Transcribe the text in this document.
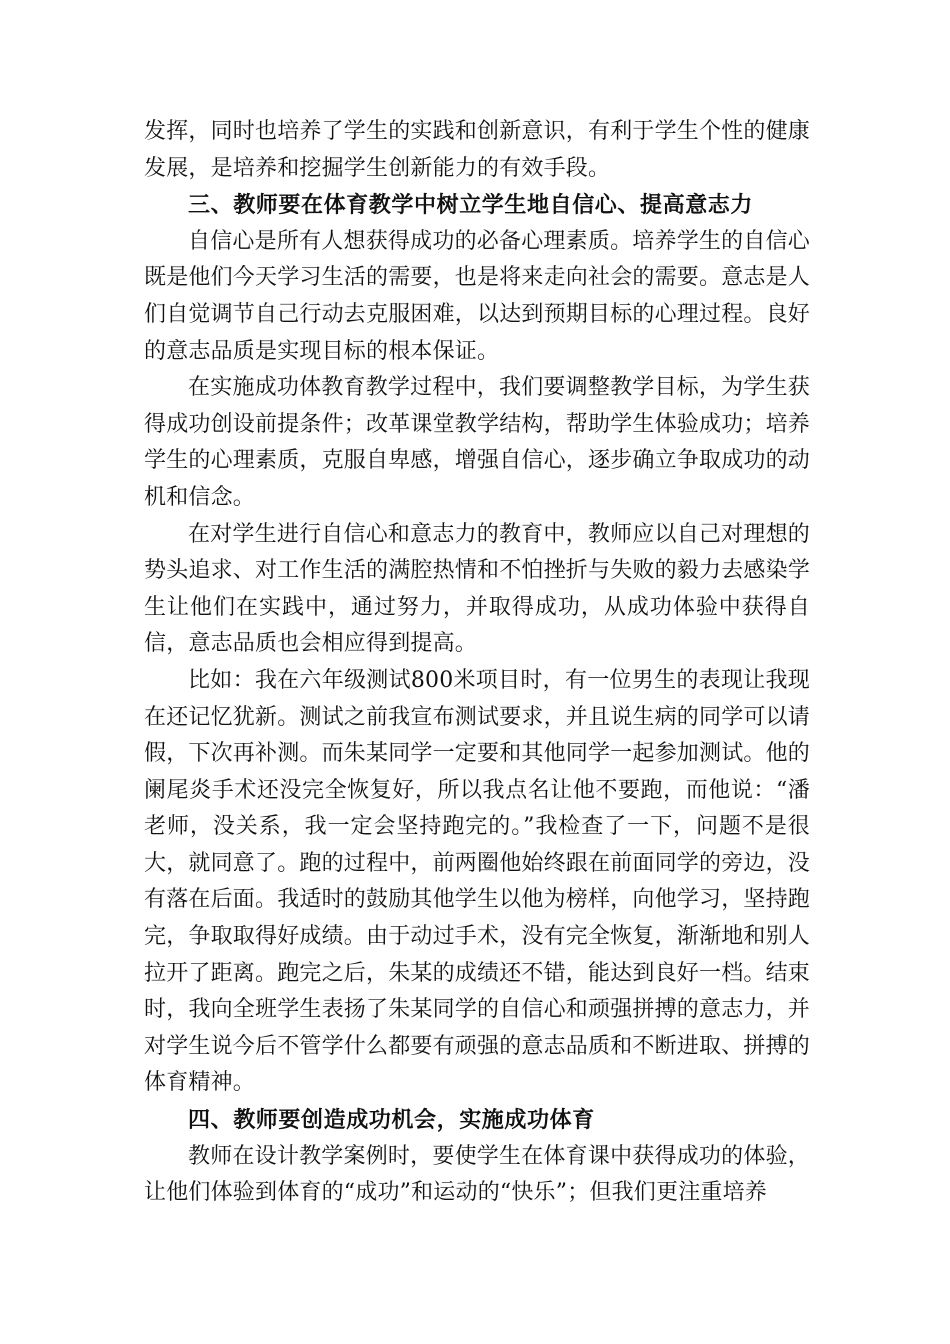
发挥，同时也培养了学生的实践和创新意识，有利于学生个性的健康发展，是培养和挖掘学生创新能力的有效手段。

三、教师要在体育教学中树立学生地自信心、提高意志力

自信心是所有人想获得成功的必备心理素质。培养学生的自信心既是他们今天学习生活的需要，也是将来走向社会的需要。意志是人们自觉调节自己行动去克服困难，以达到预期目标的心理过程。良好的意志品质是实现目标的根本保证。

在实施成功体教育教学过程中，我们要调整教学目标，为学生获得成功创设前提条件；改革课堂教学结构，帮助学生体验成功；培养学生的心理素质，克服自卑感，增强自信心，逐步确立争取成功的动机和信念。

在对学生进行自信心和意志力的教育中，教师应以自己对理想的势头追求、对工作生活的满腔热情和不怕挫折与失败的毅力去感染学生让他们在实践中，通过努力，并取得成功，从成功体验中获得自信，意志品质也会相应得到提高。

比如：我在六年级测试800米项目时，有一位男生的表现让我现在还记忆犹新。测试之前我宣布测试要求，并且说生病的同学可以请假，下次再补测。而朱某同学一定要和其他同学一起参加测试。他的阑尾炎手术还没完全恢复好，所以我点名让他不要跑，而他说：“潘老师，没关系，我一定会坚持跑完的。”我检查了一下，问题不是很大，就同意了。跑的过程中，前两圈他始终跟在前面同学的旁边，没有落在后面。我适时的鼓励其他学生以他为榜样，向他学习，坚持跑完，争取取得好成绩。由于动过手术，没有完全恢复，渐渐地和别人拉开了距离。跑完之后，朱某的成绩还不错，能达到良好一档。结束时，我向全班学生表扬了朱某同学的自信心和顽强拼搏的意志力，并对学生说今后不管学什么都要有顽强的意志品质和不断进取、拼搏的体育精神。

四、教师要创造成功机会，实施成功体育

教师在设计教学案例时，要使学生在体育课中获得成功的体验，让他们体验到体育的“成功”和运动的“快乐”；但我们更注重培养
